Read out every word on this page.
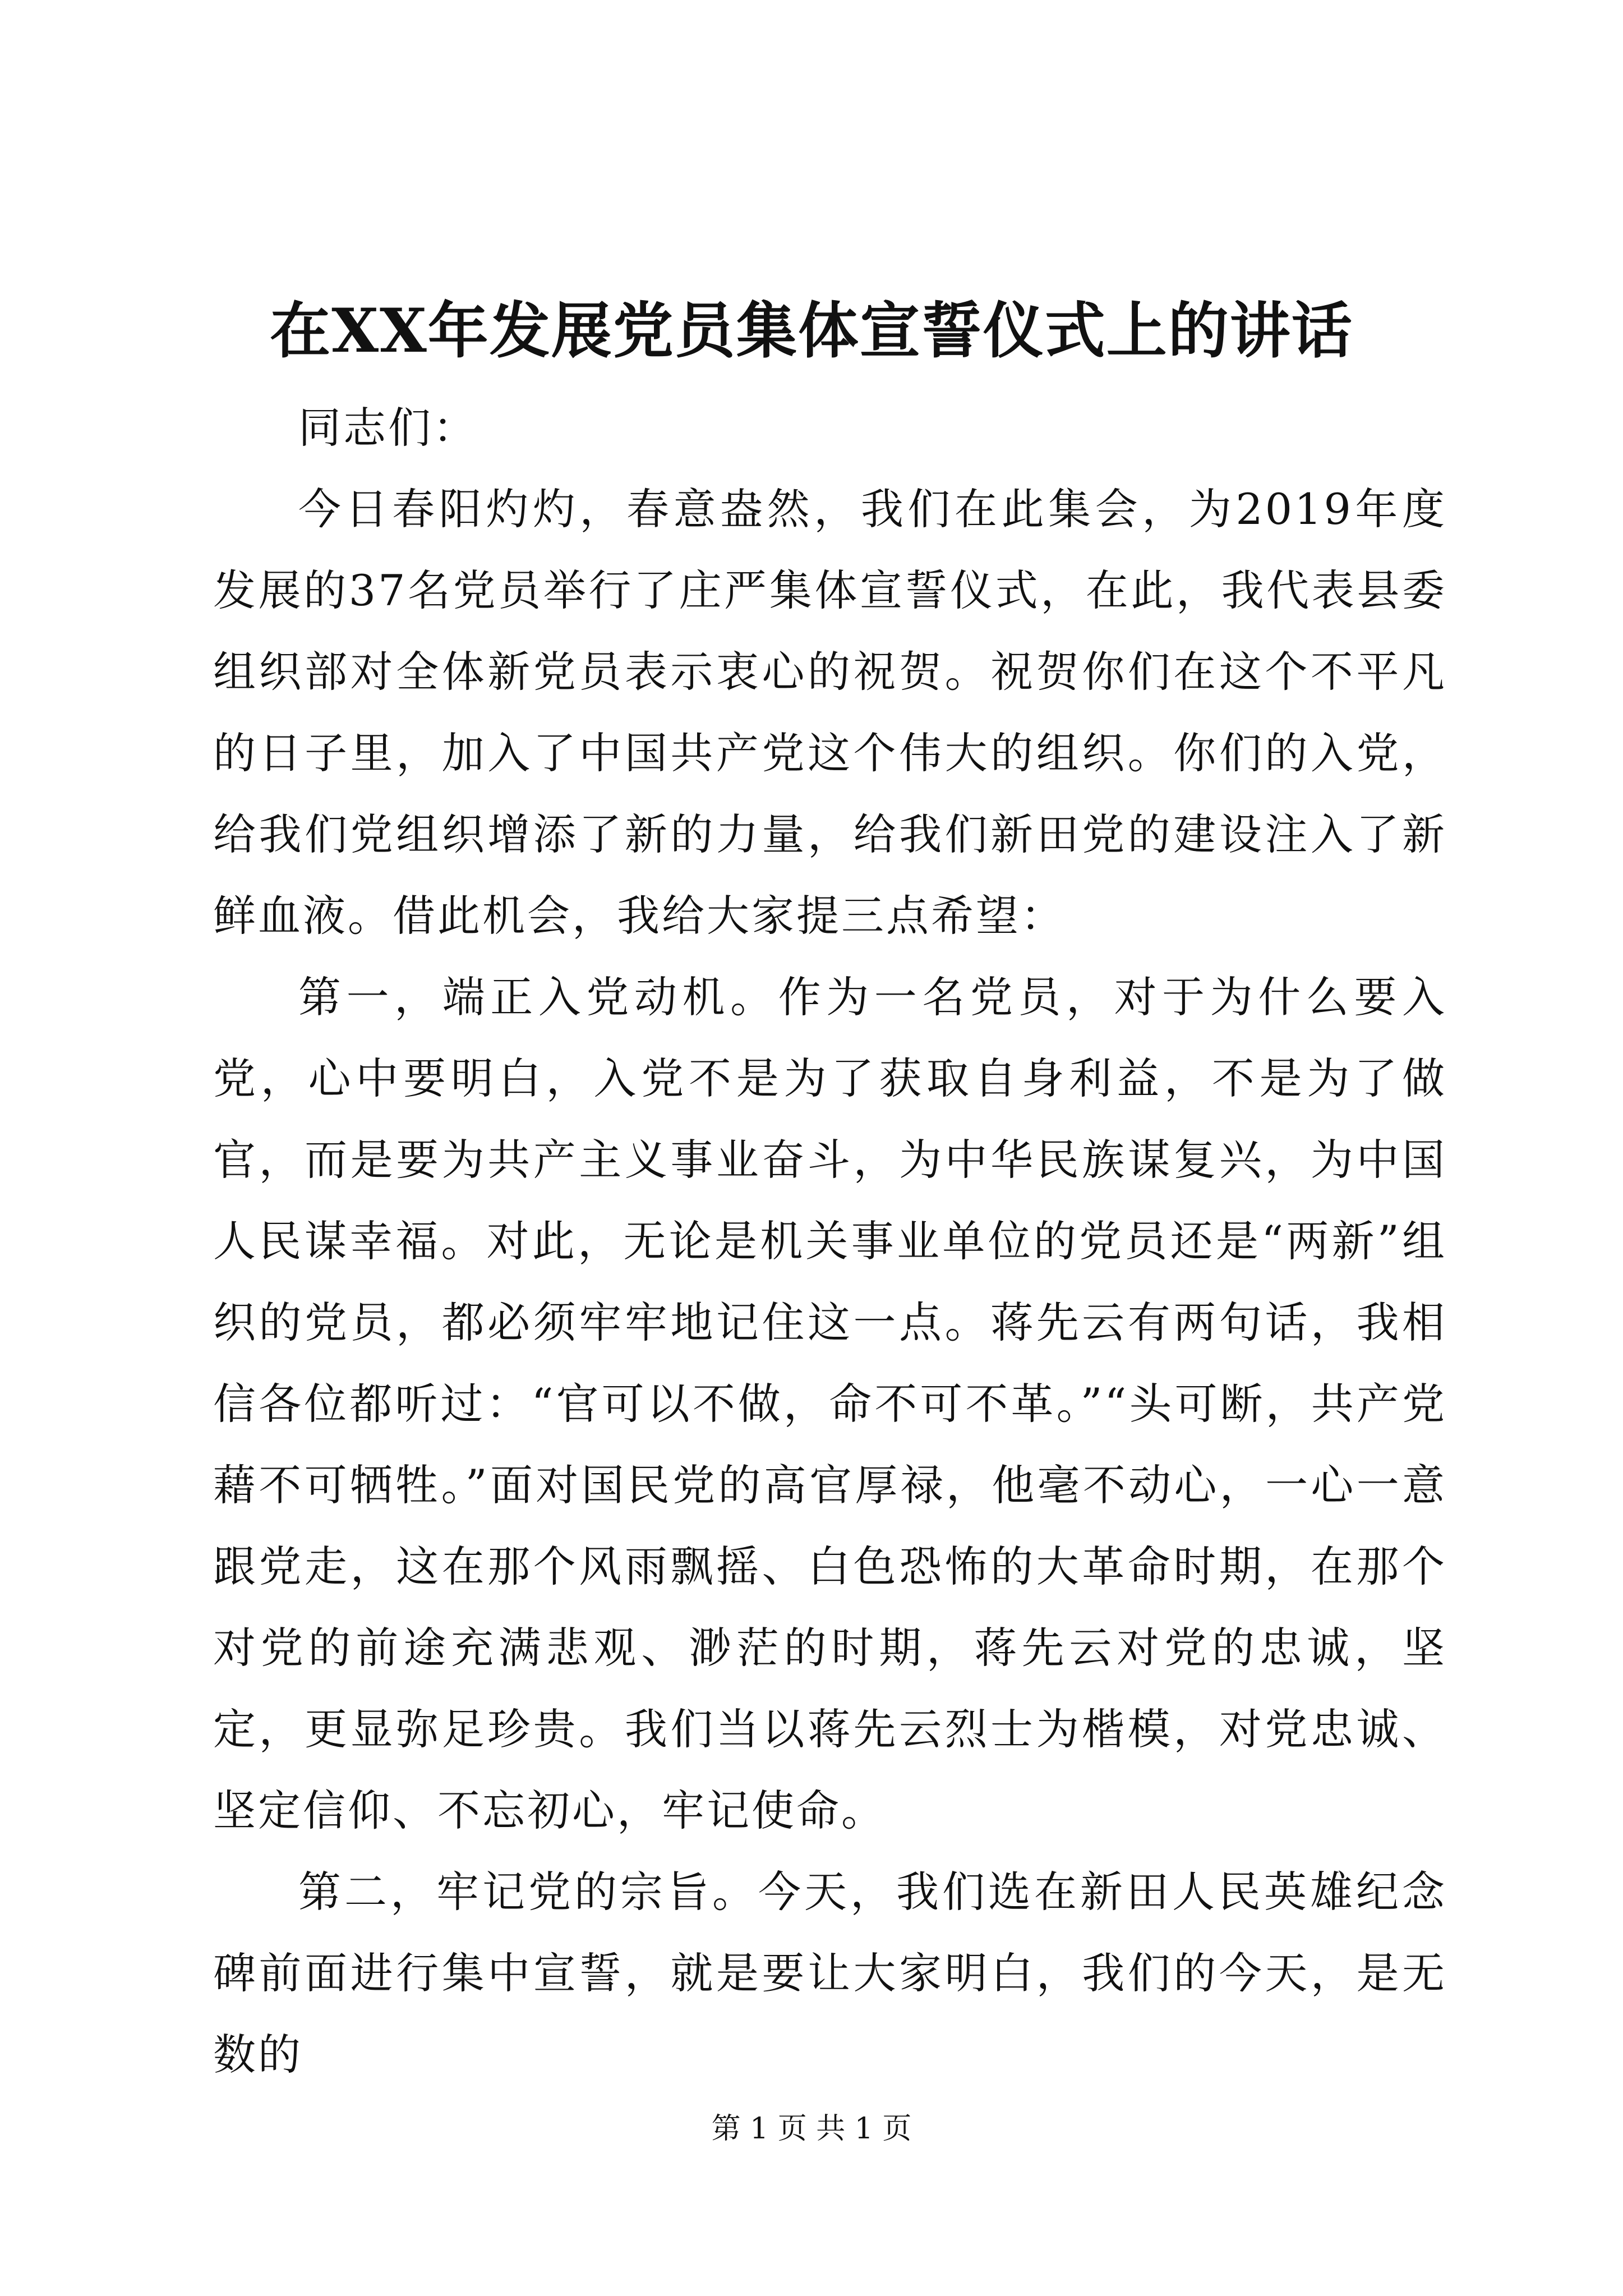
在XX年发展党员集体宣誓仪式上的讲话

同志们：

今日春阳灼灼，春意盎然，我们在此集会，为2019年度发展的37名党员举行了庄严集体宣誓仪式，在此，我代表县委组织部对全体新党员表示衷心的祝贺。祝贺你们在这个不平凡的日子里，加入了中国共产党这个伟大的组织。你们的入党，给我们党组织增添了新的力量，给我们新田党的建设注入了新鲜血液。借此机会，我给大家提三点希望：

第一，端正入党动机。作为一名党员，对于为什么要入党，心中要明白，入党不是为了获取自身利益，不是为了做官，而是要为共产主义事业奋斗，为中华民族谋复兴，为中国人民谋幸福。对此，无论是机关事业单位的党员还是“两新”组织的党员，都必须牢牢地记住这一点。蒋先云有两句话，我相信各位都听过：“官可以不做，命不可不革。”“头可断，共产党藉不可牺牲。”面对国民党的高官厚禄，他毫不动心，一心一意跟党走，这在那个风雨飘摇、白色恐怖的大革命时期，在那个对党的前途充满悲观、渺茫的时期，蒋先云对党的忠诚，坚定，更显弥足珍贵。我们当以蒋先云烈士为楷模，对党忠诚、坚定信仰、不忘初心，牢记使命。

第二，牢记党的宗旨。今天，我们选在新田人民英雄纪念碑前面进行集中宣誓，就是要让大家明白，我们的今天，是无数的

第 1 页 共 1 页
